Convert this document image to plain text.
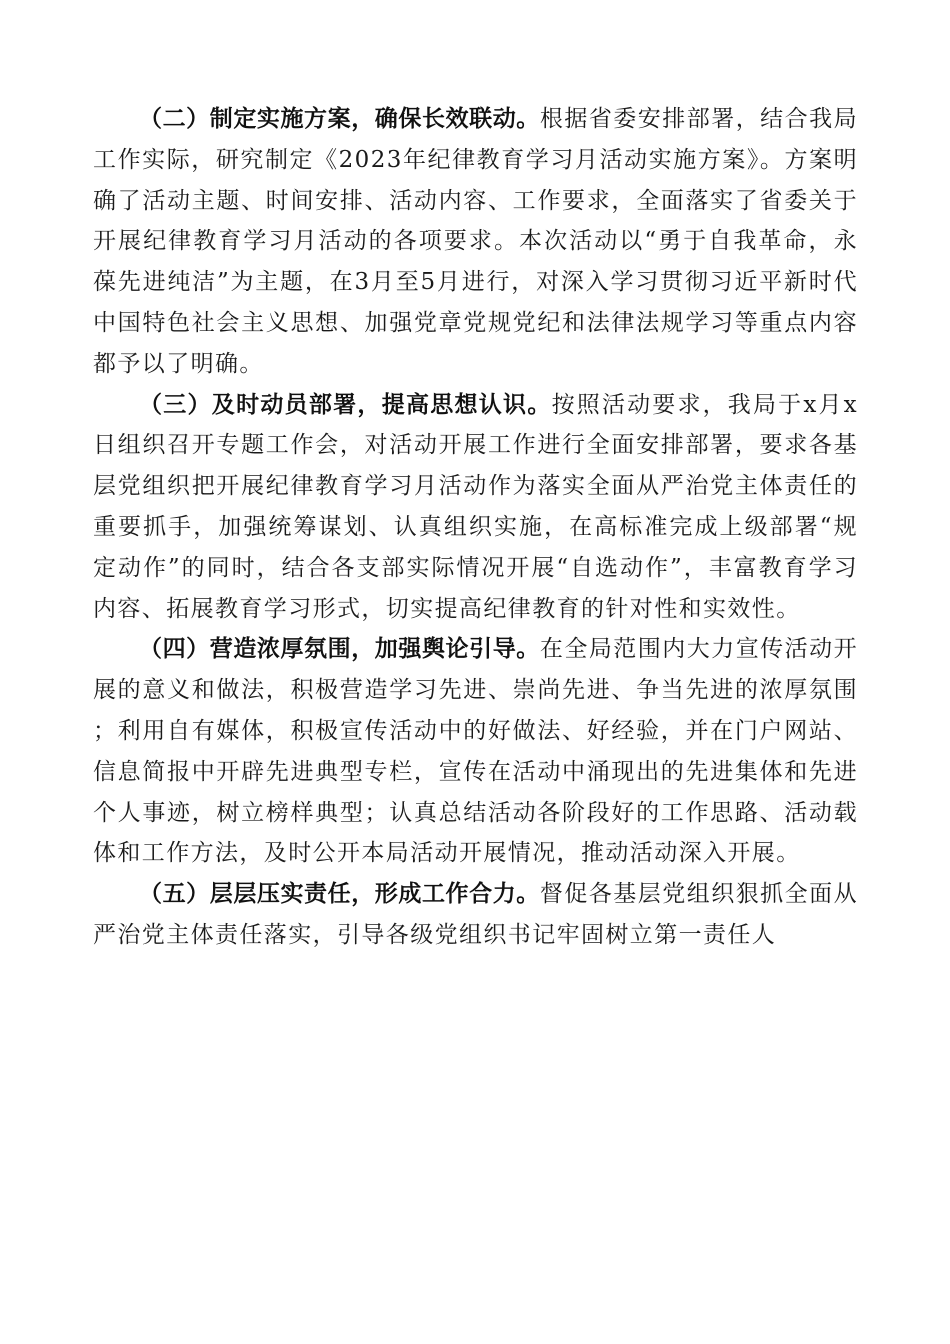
（二）制定实施方案，确保长效联动。根据省委安排部署，结合我局工作实际，研究制定《2023年纪律教育学习月活动实施方案》。方案明确了活动主题、时间安排、活动内容、工作要求，全面落实了省委关于开展纪律教育学习月活动的各项要求。本次活动以“勇于自我革命，永葆先进纯洁”为主题，在3月至5月进行，对深入学习贯彻习近平新时代中国特色社会主义思想、加强党章党规党纪和法律法规学习等重点内容都予以了明确。

（三）及时动员部署，提高思想认识。按照活动要求，我局于x月x日组织召开专题工作会，对活动开展工作进行全面安排部署，要求各基层党组织把开展纪律教育学习月活动作为落实全面从严治党主体责任的重要抓手，加强统筹谋划、认真组织实施，在高标准完成上级部署“规定动作”的同时，结合各支部实际情况开展“自选动作”，丰富教育学习内容、拓展教育学习形式，切实提高纪律教育的针对性和实效性。

（四）营造浓厚氛围，加强舆论引导。在全局范围内大力宣传活动开展的意义和做法，积极营造学习先进、崇尚先进、争当先进的浓厚氛围；利用自有媒体，积极宣传活动中的好做法、好经验，并在门户网站、信息简报中开辟先进典型专栏，宣传在活动中涌现出的先进集体和先进个人事迹，树立榜样典型；认真总结活动各阶段好的工作思路、活动载体和工作方法，及时公开本局活动开展情况，推动活动深入开展。

（五）层层压实责任，形成工作合力。督促各基层党组织狠抓全面从严治党主体责任落实，引导各级党组织书记牢固树立第一责任人
